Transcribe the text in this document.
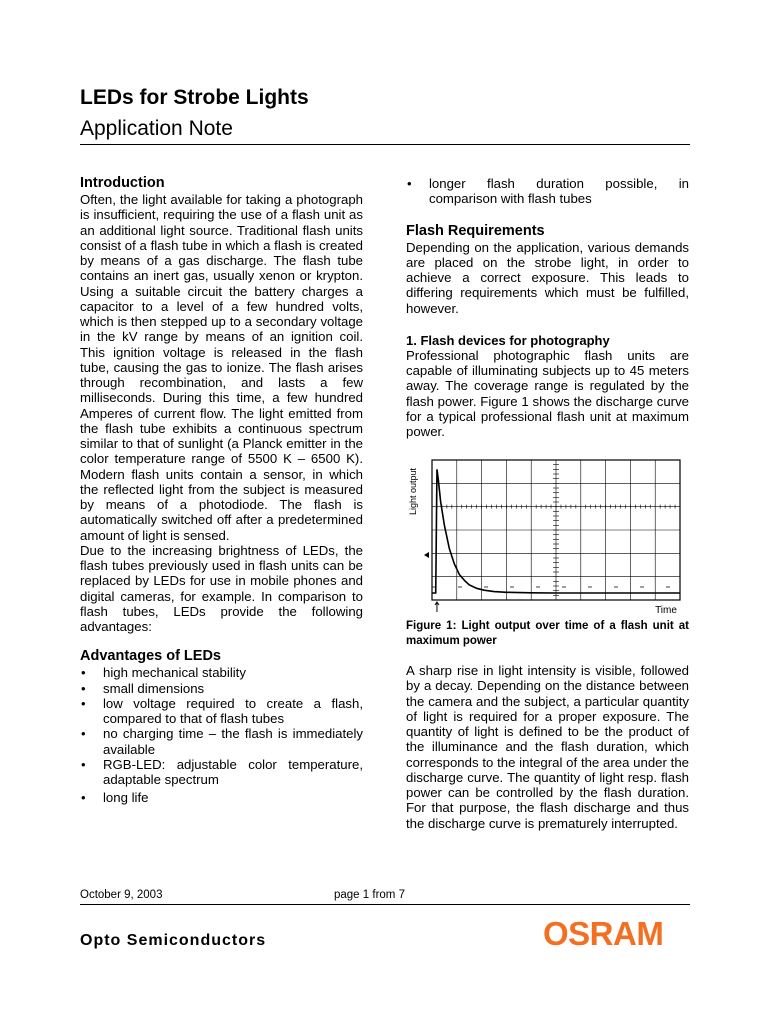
LEDs for Strobe Lights
Application Note
Introduction

Often, the light available for taking a photograph is insufficient, requiring the use of a flash unit as an additional light source. Traditional flash units consist of a flash tube in which a flash is created by means of a gas discharge. The flash tube contains an inert gas, usually xenon or krypton. Using a suitable circuit the battery charges a capacitor to a level of a few hundred volts, which is then stepped up to a secondary voltage in the kV range by means of an ignition coil. This ignition voltage is released in the flash tube, causing the gas to ionize. The flash arises through recombination, and lasts a few milliseconds. During this time, a few hundred Amperes of current flow. The light emitted from the flash tube exhibits a continuous spectrum similar to that of sunlight (a Planck emitter in the color temperature range of 5500 K – 6500 K). Modern flash units contain a sensor, in which the reflected light from the subject is measured by means of a photodiode. The flash is automatically switched off after a predetermined amount of light is sensed.

Due to the increasing brightness of LEDs, the flash tubes previously used in flash units can be replaced by LEDs for use in mobile phones and digital cameras, for example. In comparison to flash tubes, LEDs provide the following advantages:

Advantages of LEDs
• high mechanical stability
• small dimensions
• low voltage required to create a flash, compared to that of flash tubes
• no charging time – the flash is immediately available
• RGB-LED: adjustable color temperature, adaptable spectrum
• long life
• longer flash duration possible, in comparison with flash tubes
Flash Requirements

Depending on the application, various demands are placed on the strobe light, in order to achieve a correct exposure. This leads to differing requirements which must be fulfilled, however.

1. Flash devices for photography

Professional photographic flash units are capable of illuminating subjects up to 45 meters away. The coverage range is regulated by the flash power. Figure 1 shows the discharge curve for a typical professional flash unit at maximum power.

Light output
Time

Figure 1: Light output over time of a flash unit at maximum power

A sharp rise in light intensity is visible, followed by a decay. Depending on the distance between the camera and the subject, a particular quantity of light is required for a proper exposure. The quantity of light is defined to be the product of the illuminance and the flash duration, which corresponds to the integral of the area under the discharge curve. The quantity of light resp. flash power can be controlled by the flash duration. For that purpose, the flash discharge and thus the discharge curve is prematurely interrupted.

October 9, 2003	page 1 from 7
Opto Semiconductors	OSRAM
